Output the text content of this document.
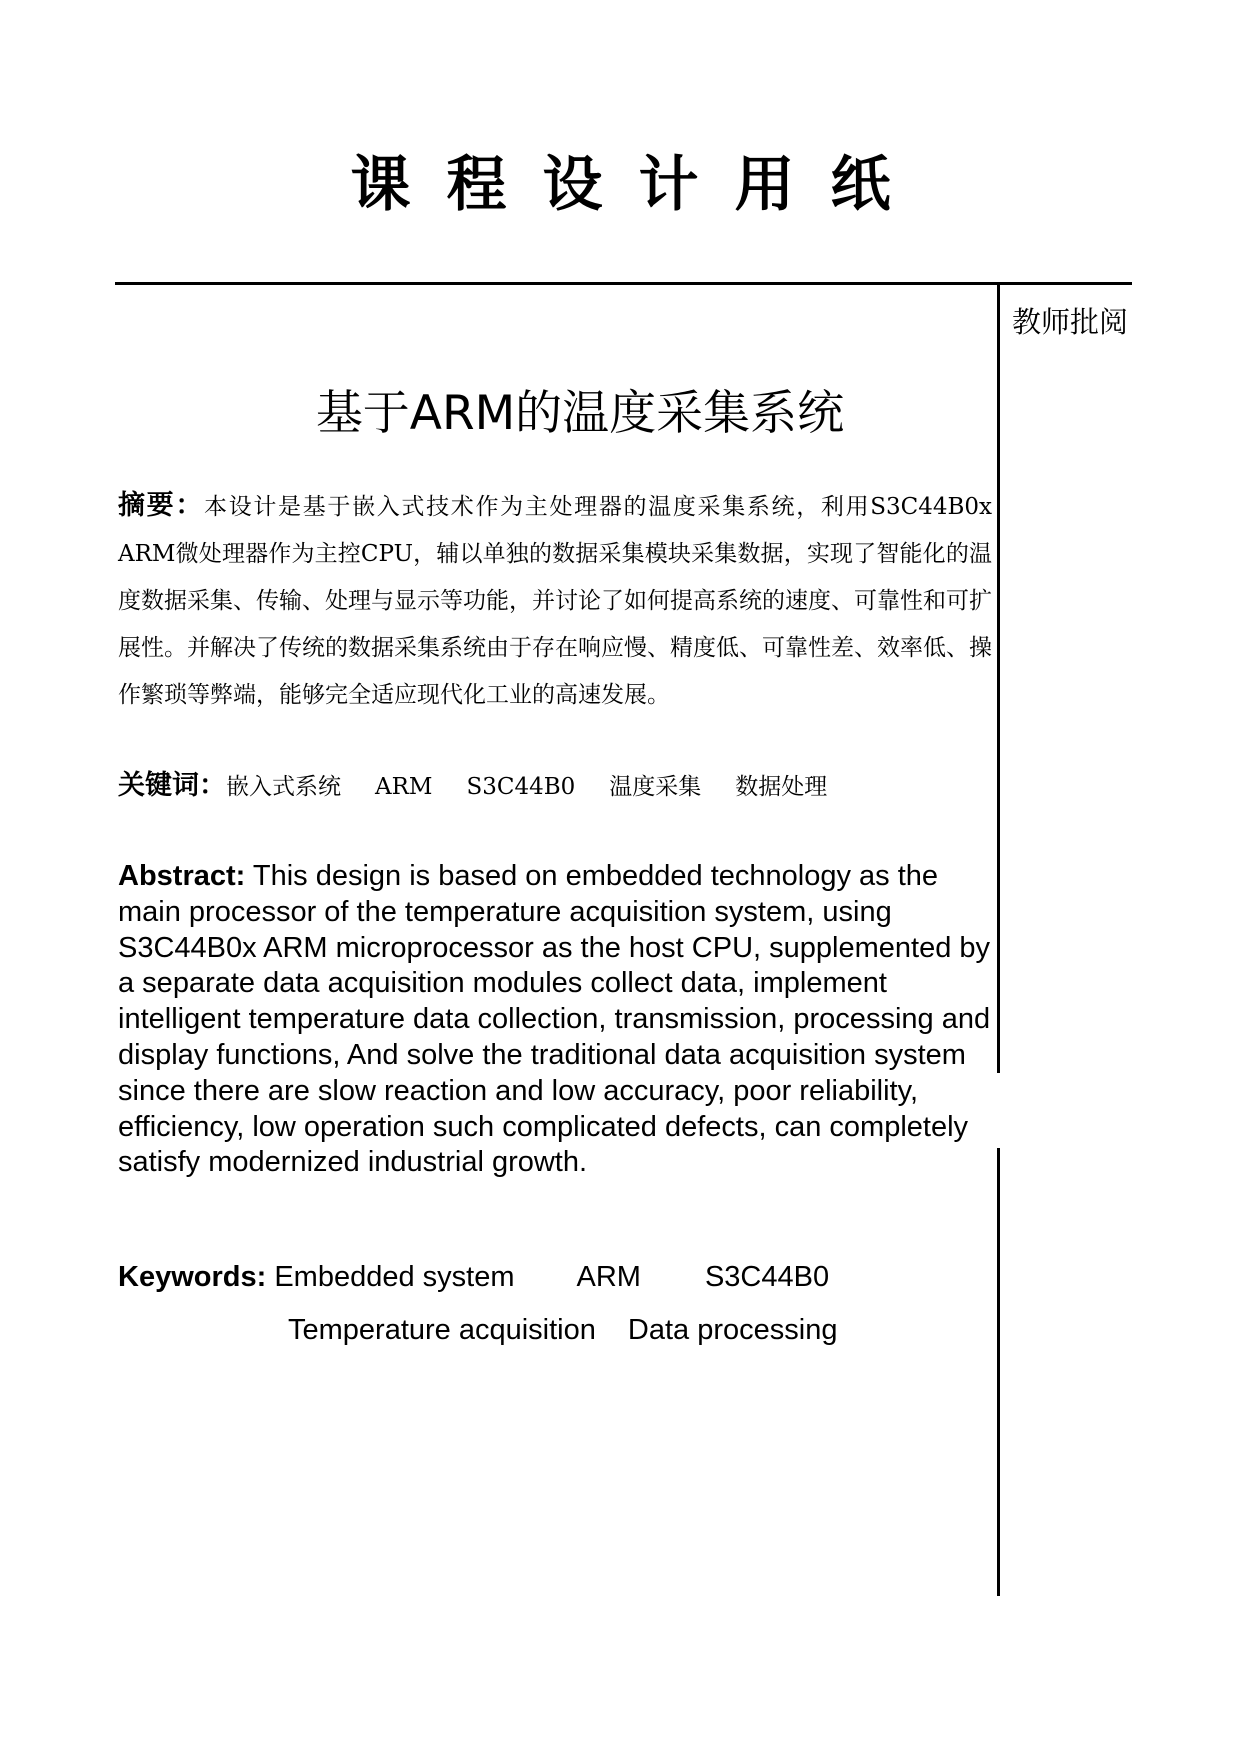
课程设计用纸
教师批阅
基于ARM的温度采集系统
摘要：本设计是基于嵌入式技术作为主处理器的温度采集系统，利用S3C44B0x ARM微处理器作为主控CPU，辅以单独的数据采集模块采集数据，实现了智能化的温度数据采集、传输、处理与显示等功能，并讨论了如何提高系统的速度、可靠性和可扩展性。并解决了传统的数据采集系统由于存在响应慢、精度低、可靠性差、效率低、操作繁琐等弊端，能够完全适应现代化工业的高速发展。
关键词：嵌入式系统 ARM S3C44B0 温度采集 数据处理
Abstract: This design is based on embedded technology as the main processor of the temperature acquisition system, using S3C44B0x ARM microprocessor as the host CPU, supplemented by a separate data acquisition modules collect data, implement intelligent temperature data collection, transmission, processing and display functions, And solve the traditional data acquisition system since there are slow reaction and low accuracy, poor reliability, efficiency, low operation such complicated defects, can completely satisfy modernized industrial growth.
Keywords: Embedded system ARM S3C44B0
Temperature acquisition Data processing
